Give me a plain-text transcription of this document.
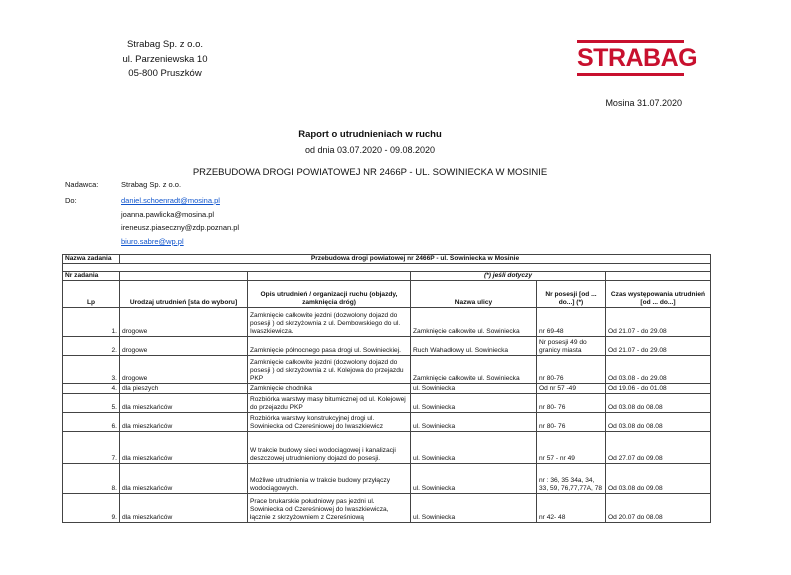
Strabag Sp. z o.o.
ul. Parzeniewska 10
05-800 Pruszków
STRABAG
Mosina 31.07.2020
Raport o utrudnieniach w ruchu
od dnia 03.07.2020 - 09.08.2020
PRZEBUDOWA DROGI POWIATOWEJ NR 2466P - UL. SOWINIECKA W MOSINIE
Nadawca:	Strabag Sp. z o.o.
Do:	daniel.schoenradt@mosina.pl
joanna.pawlicka@mosina.pl
ireneusz.piaseczny@zdp.poznan.pl
biuro.sabre@wp.pl
Nazwa zadania	Przebudowa drogi powiatowej nr 2466P - ul. Sowiniecka w Mosinie				

Nr zadania			(*) jeśli dotyczy		
Lp	Urodzaj utrudnień [sta do wyboru]	Opis utrudnień / organizacji ruchu (objazdy, zamknięcia dróg)	Nazwa ulicy	Nr posesji [od ... do...] (*)	Czas występowania utrudnień [od ... do...]
1.	drogowe	Zamknięcie całkowite jezdni (dozwolony dojazd do posesji ) od skrzyżownia z ul. Dembowskiego do ul. Iwaszkiewicza.	Zamknięcie całkowite ul. Sowiniecka	nr 69-48	Od 21.07 - do 29.08
2.	drogowe	Zamknięcie północnego pasa drogi ul. Sowinieckiej.	Ruch Wahadłowy ul. Sowiniecka	Nr posesji 49 do granicy miasta	Od 21.07 - do 29.08
3.	drogowe	Zamknięcie całkowite jezdni (dozwolony dojazd do posesji ) od skrzyżownia z ul. Kolejowa do przejazdu PKP	Zamknięcie całkowite ul. Sowiniecka	nr 80-76	Od 03.08 - do 29.08
4.	dla pieszych	Zamknięcie chodnika	ul. Sowiniecka	Od nr 57 -49	Od 19.06 - do 01.08
5.	dla mieszkańców	Rozbiórka warstwy masy bitumicznej od ul. Kolejowej do przejazdu PKP	ul. Sowiniecka	nr 80- 76	Od 03.08 do 08.08
6.	dla mieszkańców	Rozbiórka warstwy konstrukcyjnej drogi ul. Sowiniecka od Czereśniowej do Iwaszkiewicz	ul. Sowiniecka	nr 80- 76	Od 03.08 do 08.08
7.	dla mieszkańców	W trakcie budowy sieci wodociągowej i kanalizacji deszczowej utrudnieniony dojazd do posesji.	ul. Sowiniecka	nr 57 - nr 49	Od 27.07 do 09.08
8.	dla mieszkańców	Możliwe utrudnienia w trakcie budowy przyłączy wodociągowych.	ul. Sowiniecka	nr : 36, 35 34a, 34, 33, 59, 76,77,77A, 78	Od 03.08 do 09.08
9.	dla mieszkańców	Prace brukarskie południowy pas jezdni ul. Sowiniecka od Czereśniowej do Iwaszkiewicza, łącznie z skrzyżowniem z Czereśniową	ul. Sowiniecka	nr 42- 48	Od 20.07 do 08.08
